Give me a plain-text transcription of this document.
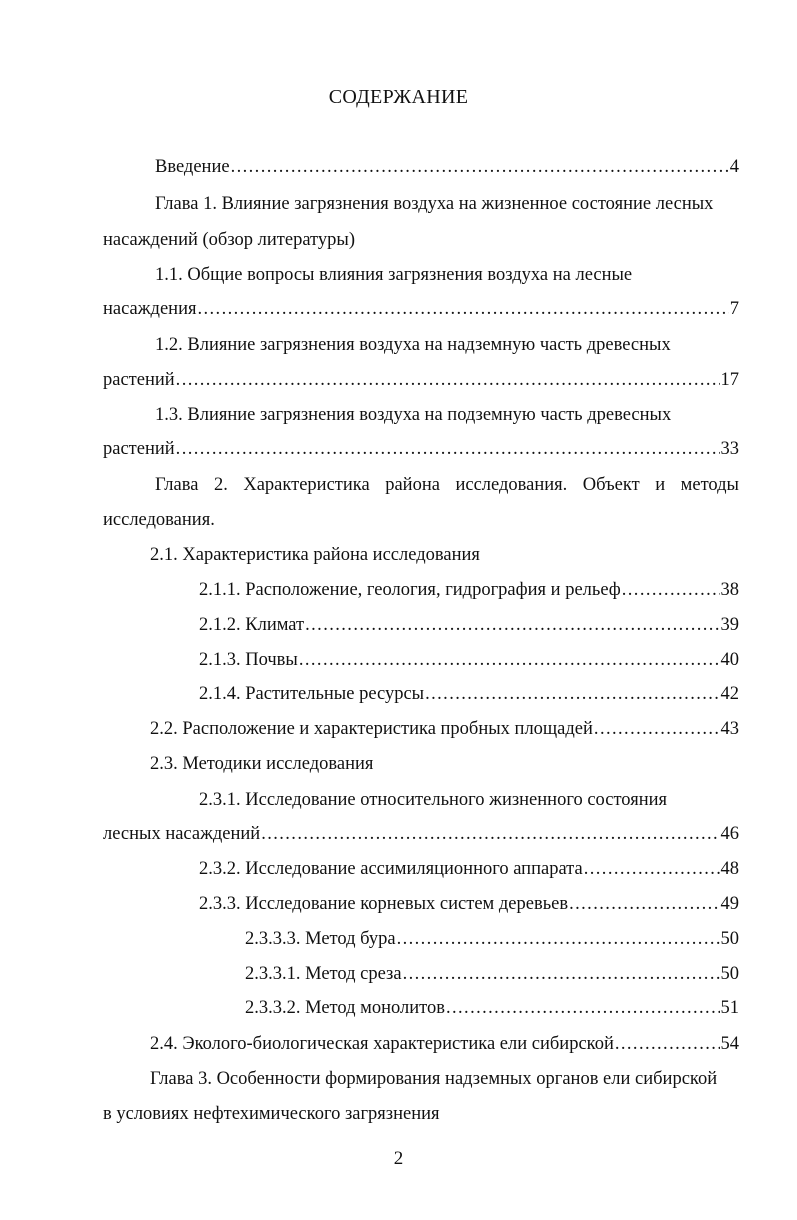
СОДЕРЖАНИЕ
Введение .....	4
Глава 1. Влияние загрязнения воздуха на жизненное состояние лесных
насаждений (обзор литературы)
1.1. Общие вопросы влияния загрязнения воздуха на лесные
насаждения .....	7
1.2. Влияние загрязнения воздуха на надземную часть древесных
растений .....	17
1.3. Влияние загрязнения воздуха на подземную часть древесных
растений .....	33
Глава 2. Характеристика района исследования. Объект и методы
исследования.
2.1. Характеристика района исследования
2.1.1. Расположение, геология, гидрография и рельеф .....	38
2.1.2. Климат .....	39
2.1.3. Почвы .....	40
2.1.4. Растительные ресурсы .....	42
2.2. Расположение и характеристика пробных площадей .....	43
2.3. Методики исследования
2.3.1. Исследование относительного жизненного состояния
лесных насаждений .....	46
2.3.2. Исследование ассимиляционного аппарата .....	48
2.3.3. Исследование корневых систем деревьев .....	49
2.3.3.3. Метод бура .....	50
2.3.3.1. Метод среза .....	50
2.3.3.2. Метод монолитов .....	51
2.4. Эколого-биологическая характеристика ели сибирской .....	54
Глава 3. Особенности формирования надземных органов ели сибирской
в условиях нефтехимического загрязнения
2
